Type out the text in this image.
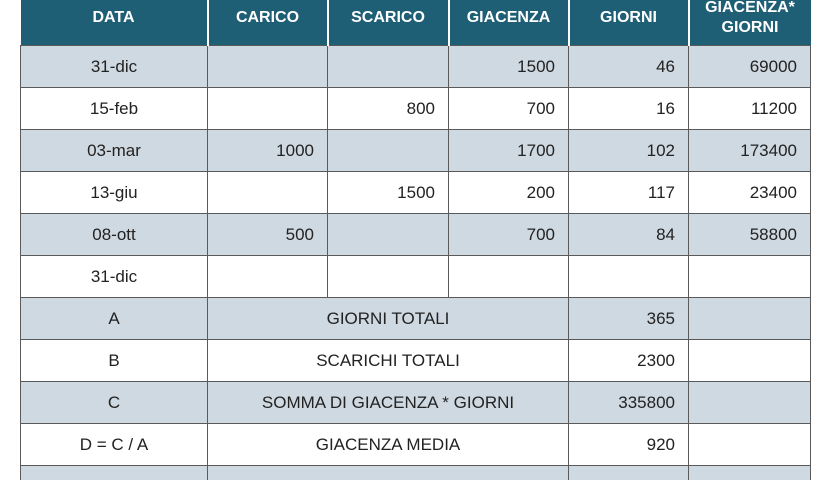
DATA	CARICO	SCARICO	GIACENZA	GIORNI	GIACENZA*
GIORNI
31-dic			1500	46	69000
15-feb		800	700	16	11200
03-mar	1000		1700	102	173400
13-giu		1500	200	117	23400
08-ott	500		700	84	58800
31-dic					
A	GIORNI TOTALI			365	
B	SCARICHI TOTALI			2300	
C	SOMMA DI GIACENZA * GIORNI			335800	
D = C / A	GIACENZA MEDIA			920	
